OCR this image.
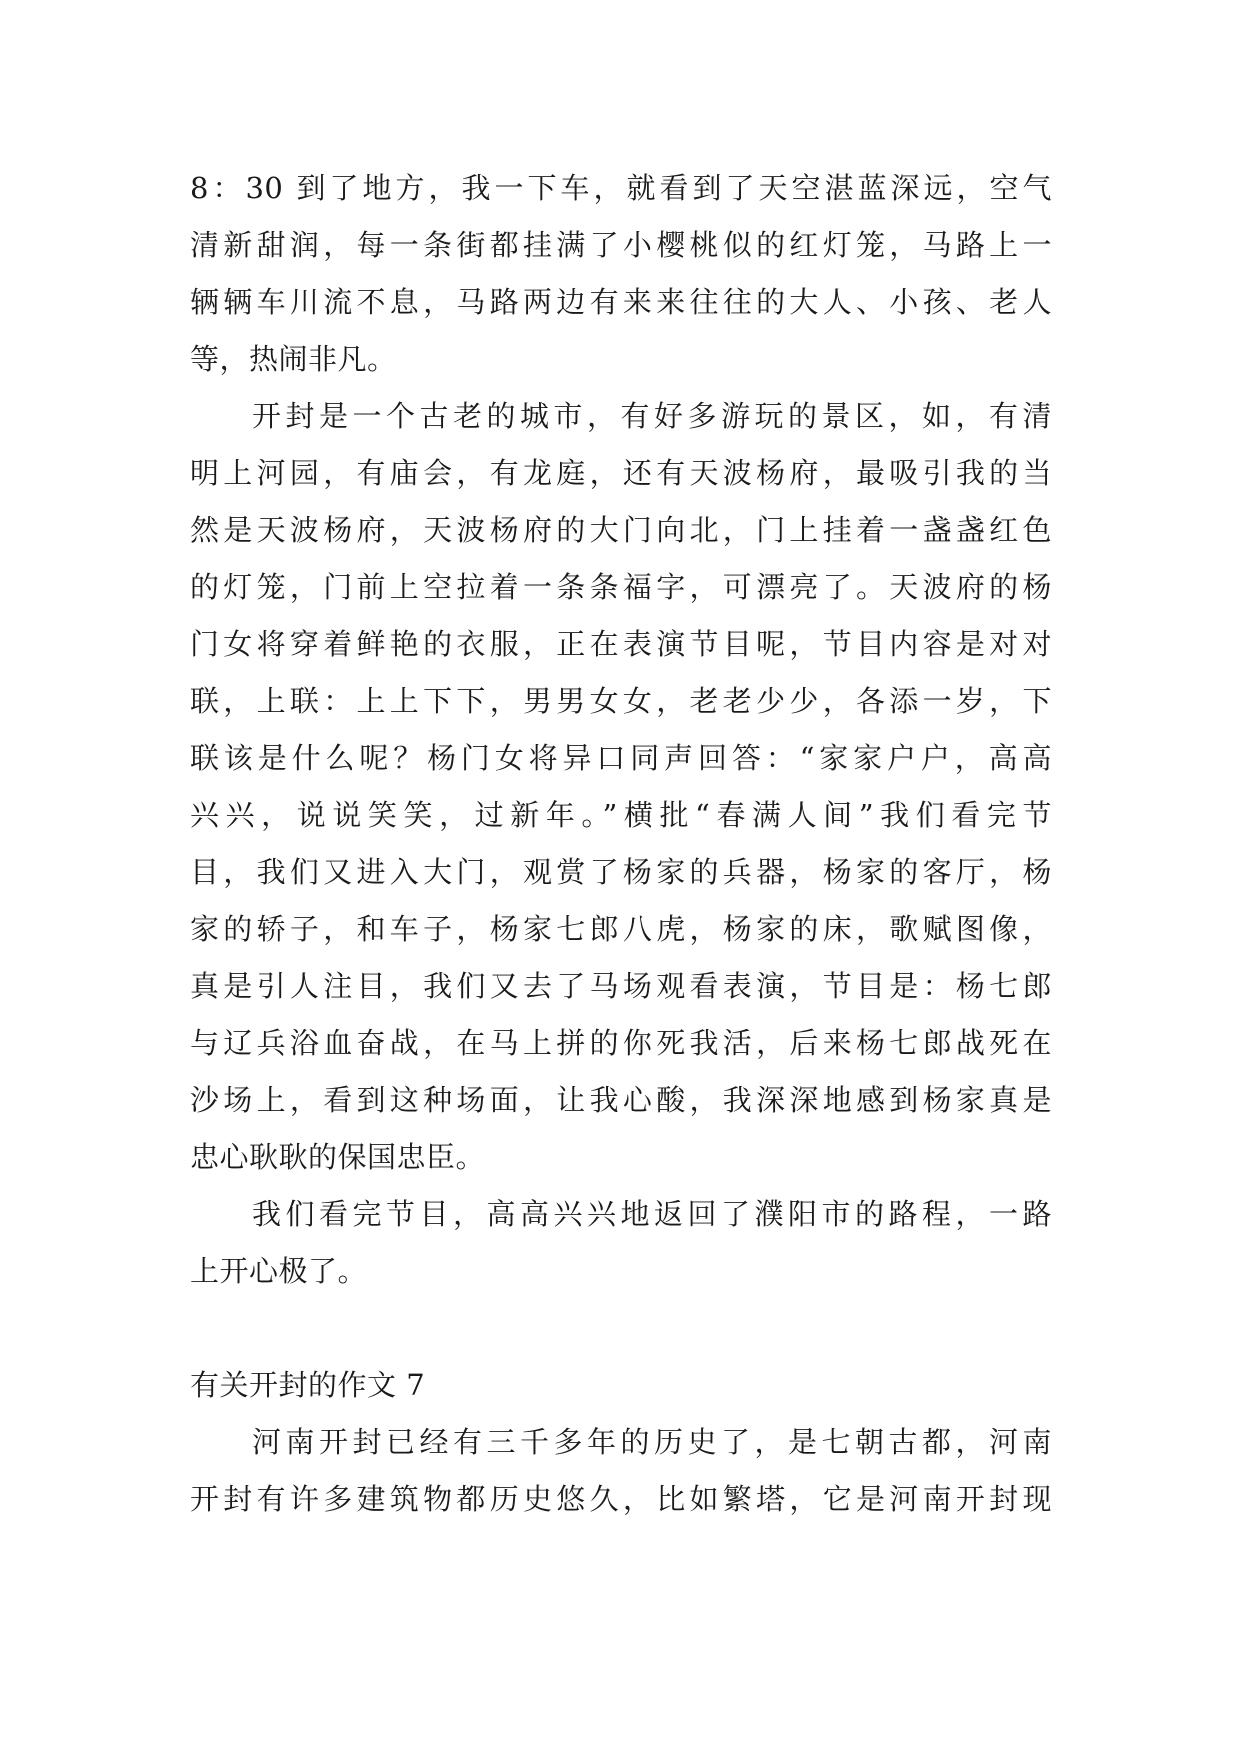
8：30 到了地方，我一下车，就看到了天空湛蓝深远，空气
清新甜润，每一条街都挂满了小樱桃似的红灯笼，马路上一
辆辆车川流不息，马路两边有来来往往的大人、小孩、老人
等，热闹非凡。
开封是一个古老的城市，有好多游玩的景区，如，有清
明上河园，有庙会，有龙庭，还有天波杨府，最吸引我的当
然是天波杨府，天波杨府的大门向北，门上挂着一盏盏红色
的灯笼，门前上空拉着一条条福字，可漂亮了。天波府的杨
门女将穿着鲜艳的衣服，正在表演节目呢，节目内容是对对
联，上联：上上下下，男男女女，老老少少，各添一岁，下
联该是什么呢？杨门女将异口同声回答：“家家户户，高高
兴兴，说说笑笑，过新年。”横批“春满人间”我们看完节
目，我们又进入大门，观赏了杨家的兵器，杨家的客厅，杨
家的轿子，和车子，杨家七郎八虎，杨家的床，歌赋图像，
真是引人注目，我们又去了马场观看表演，节目是：杨七郎
与辽兵浴血奋战，在马上拼的你死我活，后来杨七郎战死在
沙场上，看到这种场面，让我心酸，我深深地感到杨家真是
忠心耿耿的保国忠臣。
我们看完节目，高高兴兴地返回了濮阳市的路程，一路
上开心极了。
有关开封的作文 7
河南开封已经有三千多年的历史了，是七朝古都，河南
开封有许多建筑物都历史悠久，比如繁塔，它是河南开封现
